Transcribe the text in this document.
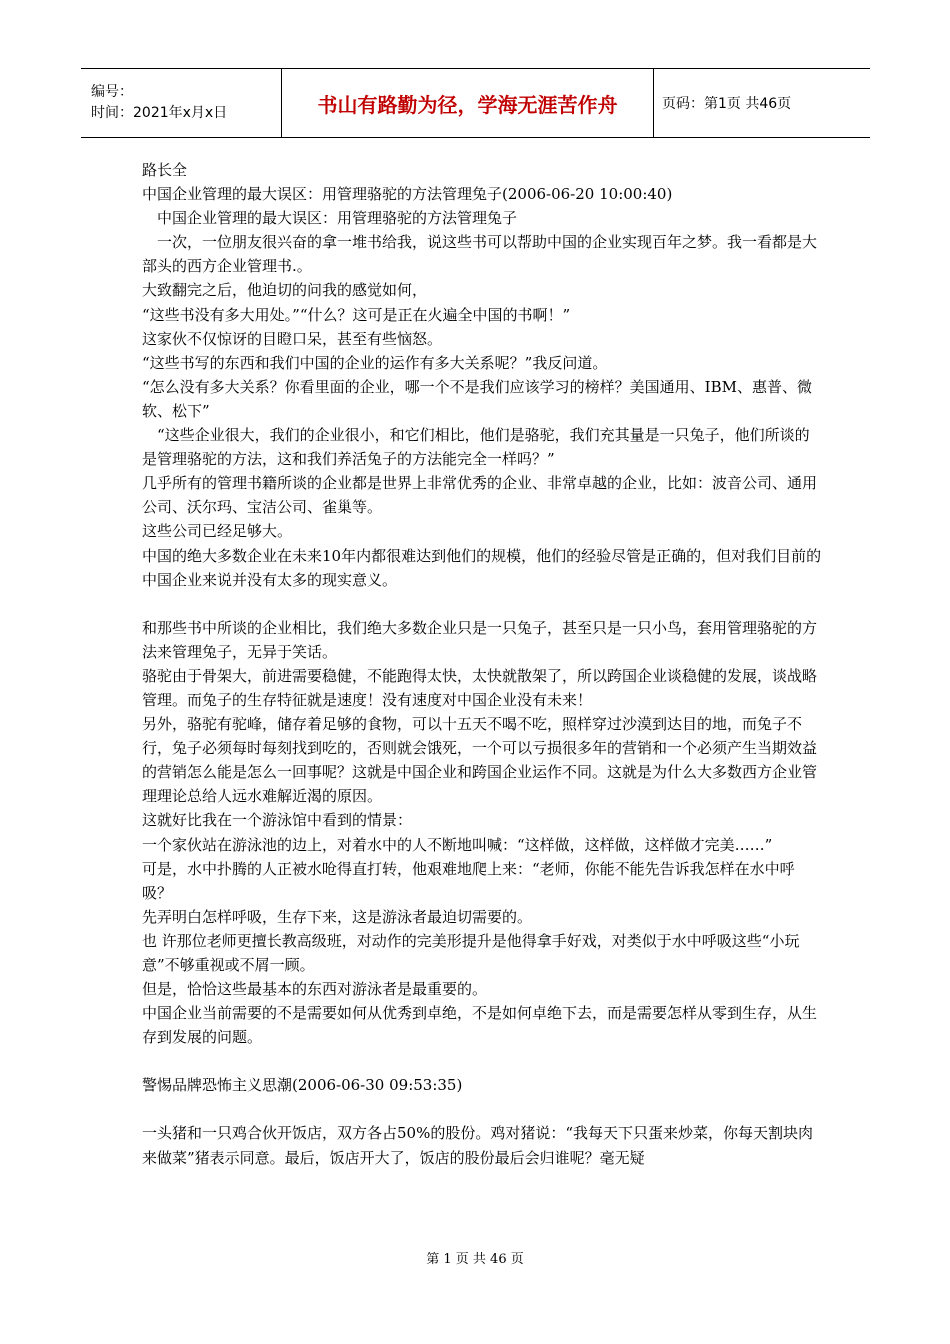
编号：
时间：2021年x月x日	书山有路勤为径，学海无涯苦作舟	页码：第1页 共46页

路长全

中国企业管理的最大误区：用管理骆驼的方法管理兔子(2006-06-20 10:00:40)

　中国企业管理的最大误区：用管理骆驼的方法管理兔子

　一次，一位朋友很兴奋的拿一堆书给我，说这些书可以帮助中国的企业实现百年之梦。我一看都是大部头的西方企业管理书.。

大致翻完之后，他迫切的问我的感觉如何，

“这些书没有多大用处。”“什么？这可是正在火遍全中国的书啊！”

这家伙不仅惊讶的目瞪口呆，甚至有些恼怒。

“这些书写的东西和我们中国的企业的运作有多大关系呢？”我反问道。

“怎么没有多大关系？你看里面的企业，哪一个不是我们应该学习的榜样？美国通用、IBM、惠普、微软、松下”

　“这些企业很大，我们的企业很小，和它们相比，他们是骆驼，我们充其量是一只兔子，他们所谈的是管理骆驼的方法，这和我们养活兔子的方法能完全一样吗？”

几乎所有的管理书籍所谈的企业都是世界上非常优秀的企业、非常卓越的企业，比如：波音公司、通用公司、沃尔玛、宝洁公司、雀巢等。

这些公司已经足够大。

中国的绝大多数企业在未来10年内都很难达到他们的规模，他们的经验尽管是正确的，但对我们目前的中国企业来说并没有太多的现实意义。

和那些书中所谈的企业相比，我们绝大多数企业只是一只兔子，甚至只是一只小鸟，套用管理骆驼的方法来管理兔子，无异于笑话。

骆驼由于骨架大，前进需要稳健，不能跑得太快，太快就散架了，所以跨国企业谈稳健的发展，谈战略管理。而兔子的生存特征就是速度！没有速度对中国企业没有未来！

另外，骆驼有驼峰，储存着足够的食物，可以十五天不喝不吃，照样穿过沙漠到达目的地，而兔子不行，兔子必须每时每刻找到吃的，否则就会饿死，一个可以亏损很多年的营销和一个必须产生当期效益的营销怎么能是怎么一回事呢？这就是中国企业和跨国企业运作不同。这就是为什么大多数西方企业管理理论总给人远水难解近渴的原因。

这就好比我在一个游泳馆中看到的情景：

一个家伙站在游泳池的边上，对着水中的人不断地叫喊：“这样做，这样做，这样做才完美……”

可是，水中扑腾的人正被水呛得直打转，他艰难地爬上来：“老师，你能不能先告诉我怎样在水中呼吸？

先弄明白怎样呼吸，生存下来，这是游泳者最迫切需要的。

也 许那位老师更擅长教高级班，对动作的完美形提升是他得拿手好戏，对类似于水中呼吸这些“小玩意”不够重视或不屑一顾。

但是，恰恰这些最基本的东西对游泳者是最重要的。

中国企业当前需要的不是需要如何从优秀到卓绝，不是如何卓绝下去，而是需要怎样从零到生存，从生存到发展的问题。

警惕品牌恐怖主义思潮(2006-06-30 09:53:35)

一头猪和一只鸡合伙开饭店，双方各占50%的股份。鸡对猪说：“我每天下只蛋来炒菜，你每天割块肉来做菜”猪表示同意。最后，饭店开大了，饭店的股份最后会归谁呢？毫无疑

第 1 页 共 46 页
